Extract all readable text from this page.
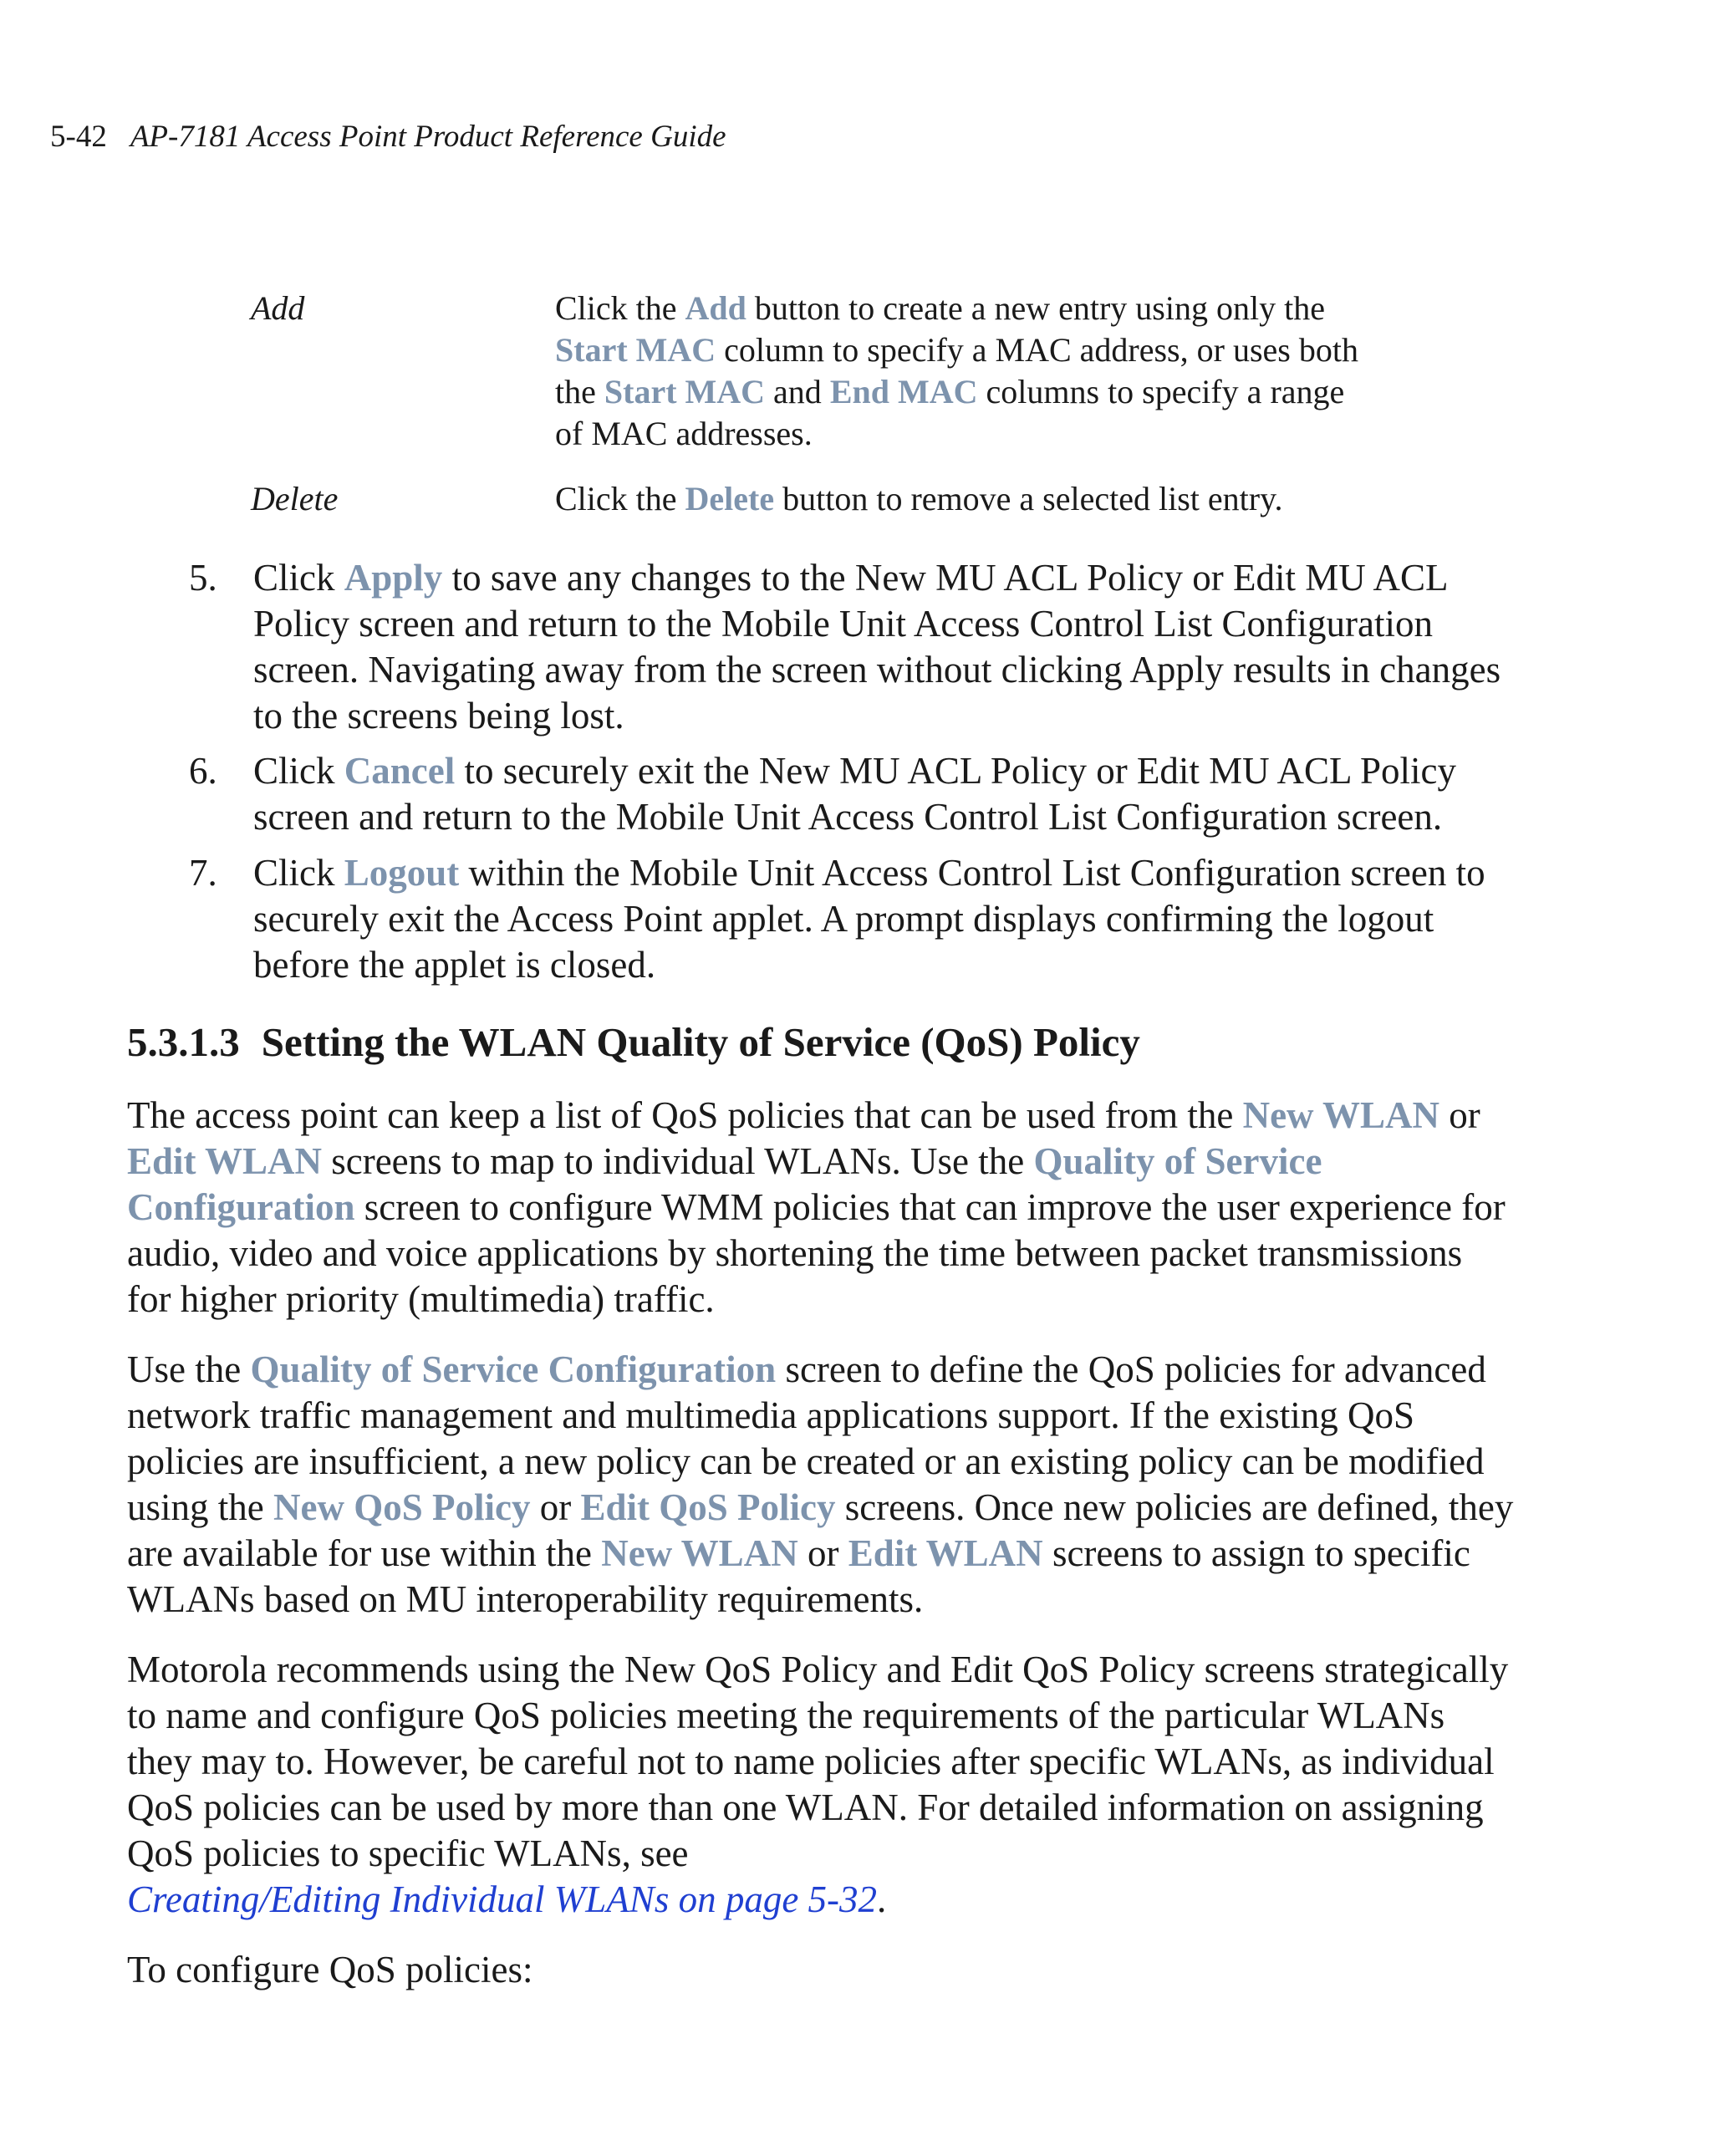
5-42 AP-7181 Access Point Product Reference Guide
Add	Click the Add button to create a new entry using only the
Start MAC column to specify a MAC address, or uses both
the Start MAC and End MAC columns to specify a range
of MAC addresses.
Delete	Click the Delete button to remove a selected list entry.
5. Click Apply to save any changes to the New MU ACL Policy or Edit MU ACL
Policy screen and return to the Mobile Unit Access Control List Configuration
screen. Navigating away from the screen without clicking Apply results in changes
to the screens being lost.
6. Click Cancel to securely exit the New MU ACL Policy or Edit MU ACL Policy
screen and return to the Mobile Unit Access Control List Configuration screen.
7. Click Logout within the Mobile Unit Access Control List Configuration screen to
securely exit the Access Point applet. A prompt displays confirming the logout
before the applet is closed.
5.3.1.3 Setting the WLAN Quality of Service (QoS) Policy
The access point can keep a list of QoS policies that can be used from the New WLAN or
Edit WLAN screens to map to individual WLANs. Use the Quality of Service
Configuration screen to configure WMM policies that can improve the user experience for
audio, video and voice applications by shortening the time between packet transmissions
for higher priority (multimedia) traffic.
Use the Quality of Service Configuration screen to define the QoS policies for advanced
network traffic management and multimedia applications support. If the existing QoS
policies are insufficient, a new policy can be created or an existing policy can be modified
using the New QoS Policy or Edit QoS Policy screens. Once new policies are defined, they
are available for use within the New WLAN or Edit WLAN screens to assign to specific
WLANs based on MU interoperability requirements.
Motorola recommends using the New QoS Policy and Edit QoS Policy screens strategically
to name and configure QoS policies meeting the requirements of the particular WLANs
they may to. However, be careful not to name policies after specific WLANs, as individual
QoS policies can be used by more than one WLAN. For detailed information on assigning
QoS policies to specific WLANs, see
Creating/Editing Individual WLANs on page 5-32.
To configure QoS policies:
